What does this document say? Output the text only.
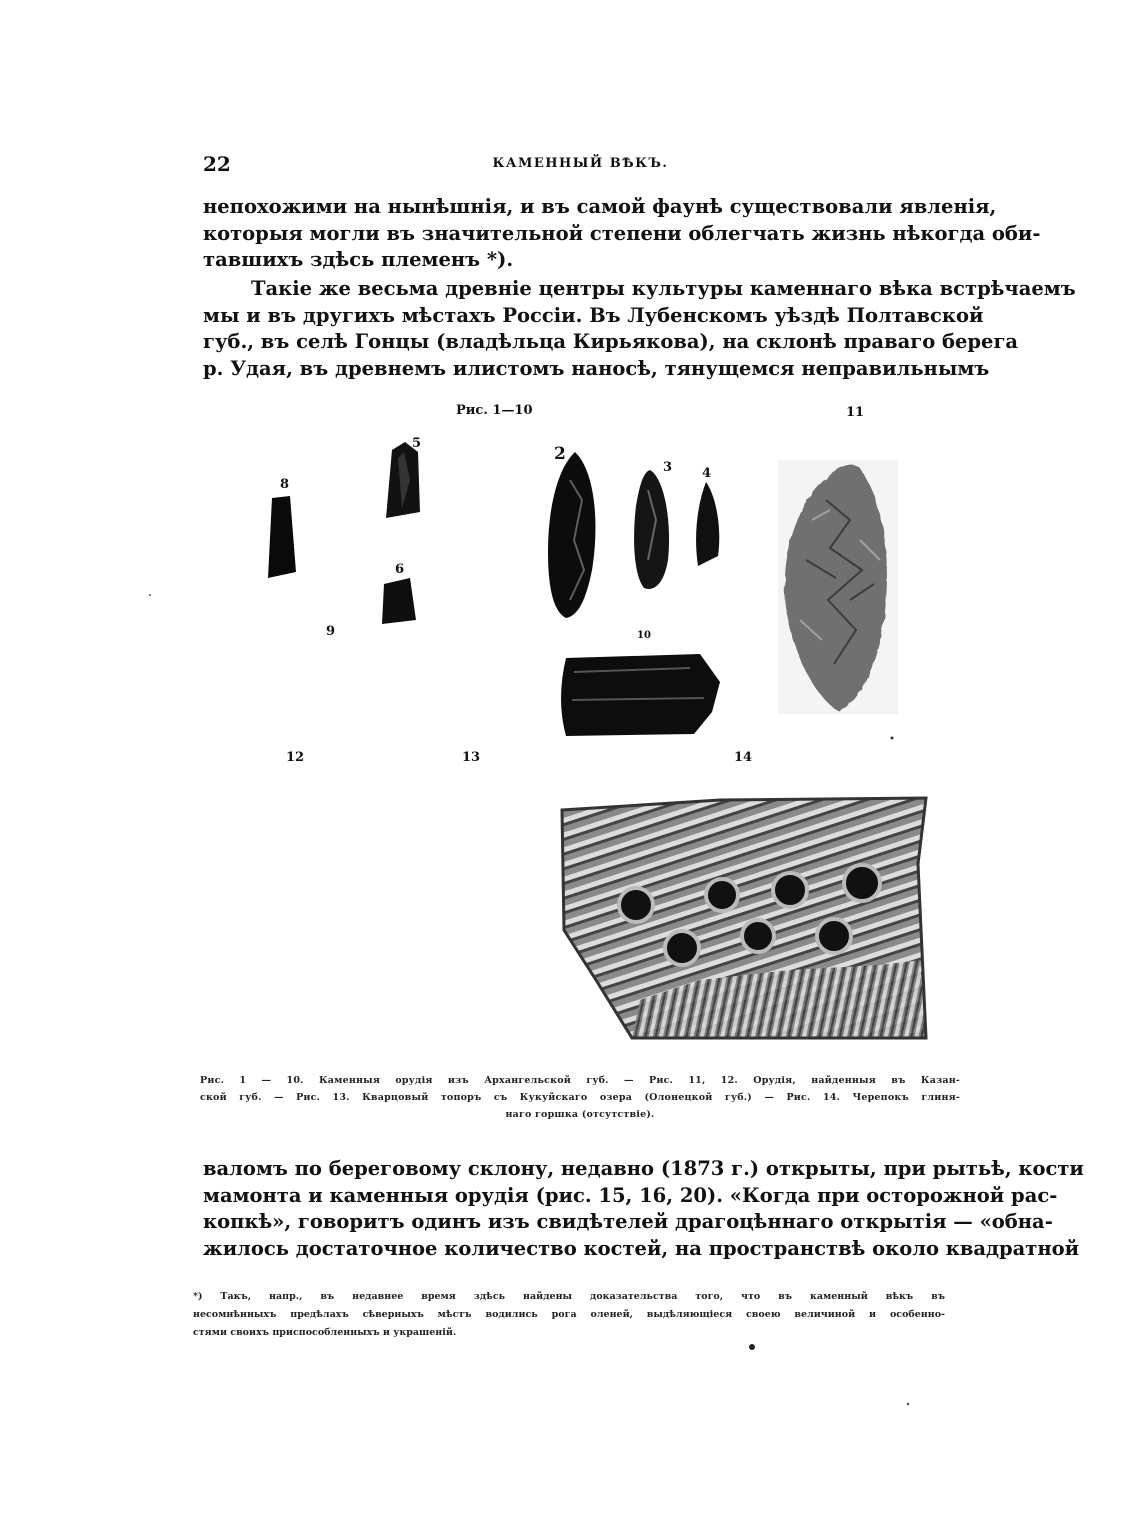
22	КАМЕННЫЙ ВѢКЪ.
непохожими на нынѣшнія, и въ самой фаунѣ существовали явленія,
которыя могли въ значительной степени облегчать жизнь нѣкогда оби-
тавшихъ здѣсь племенъ *).
Такіе же весьма древніе центры культуры каменнаго вѣка встрѣчаемъ
мы и въ другихъ мѣстахъ Россіи. Въ Лубенскомъ уѣздѣ Полтавской
губ., въ селѣ Гонцы (владѣльца Кирьякова), на склонѣ праваго берега
р. Удая, въ древнемъ илистомъ наносѣ, тянущемся неправильнымъ
Рис. 1—10	11
5
8
2
3 4
6
9	10
12	13	14
Рис. 1 — 10. Каменныя орудія изъ Архангельской губ. — Рис. 11, 12. Орудія, найденныя въ Казан-
ской губ. — Рис. 13. Кварцовый топоръ съ Кукуйскаго озера (Олонецкой губ.) — Рис. 14. Черепокъ глиня-
наго горшка (отсутствіе).
валомъ по береговому склону, недавно (1873 г.) открыты, при рытьѣ, кости
мамонта и каменныя орудія (рис. 15, 16, 20). «Когда при осторожной рас-
копкѣ», говоритъ одинъ изъ свидѣтелей драгоцѣннаго открытія — «обна-
жилось достаточное количество костей, на пространствѣ около квадратной
*) Такъ, напр., въ недавнее время здѣсь найдены доказательства того, что въ каменный вѣкъ въ
несомнѣнныхъ предѣлахъ сѣверныхъ мѣстъ водились рога оленей, выдѣляющіеся своею величиной и особенно-
стями своихъ приспособленныхъ и украшеній.
